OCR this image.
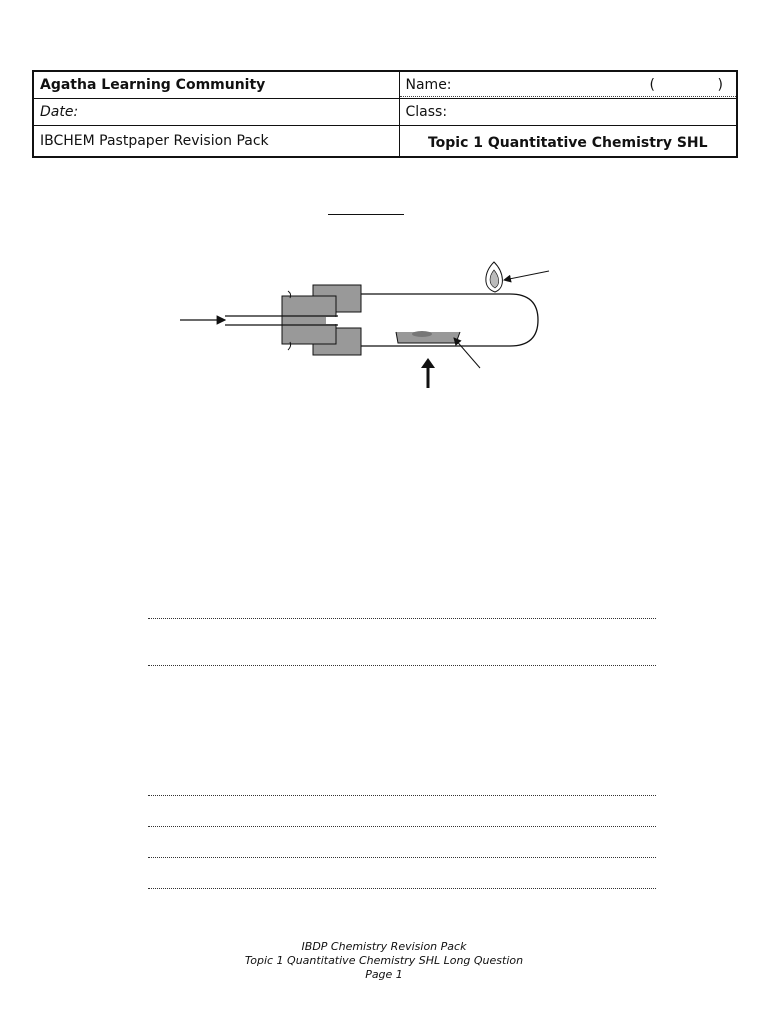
Agatha Learning Community	Name: ( )

Date:	Class:
IBCHEM Pastpaper Revision Pack	Topic 1 Quantitative Chemistry SHL
IBDP Chemistry Revision Pack
Topic 1 Quantitative Chemistry SHL Long Question
Page 1
